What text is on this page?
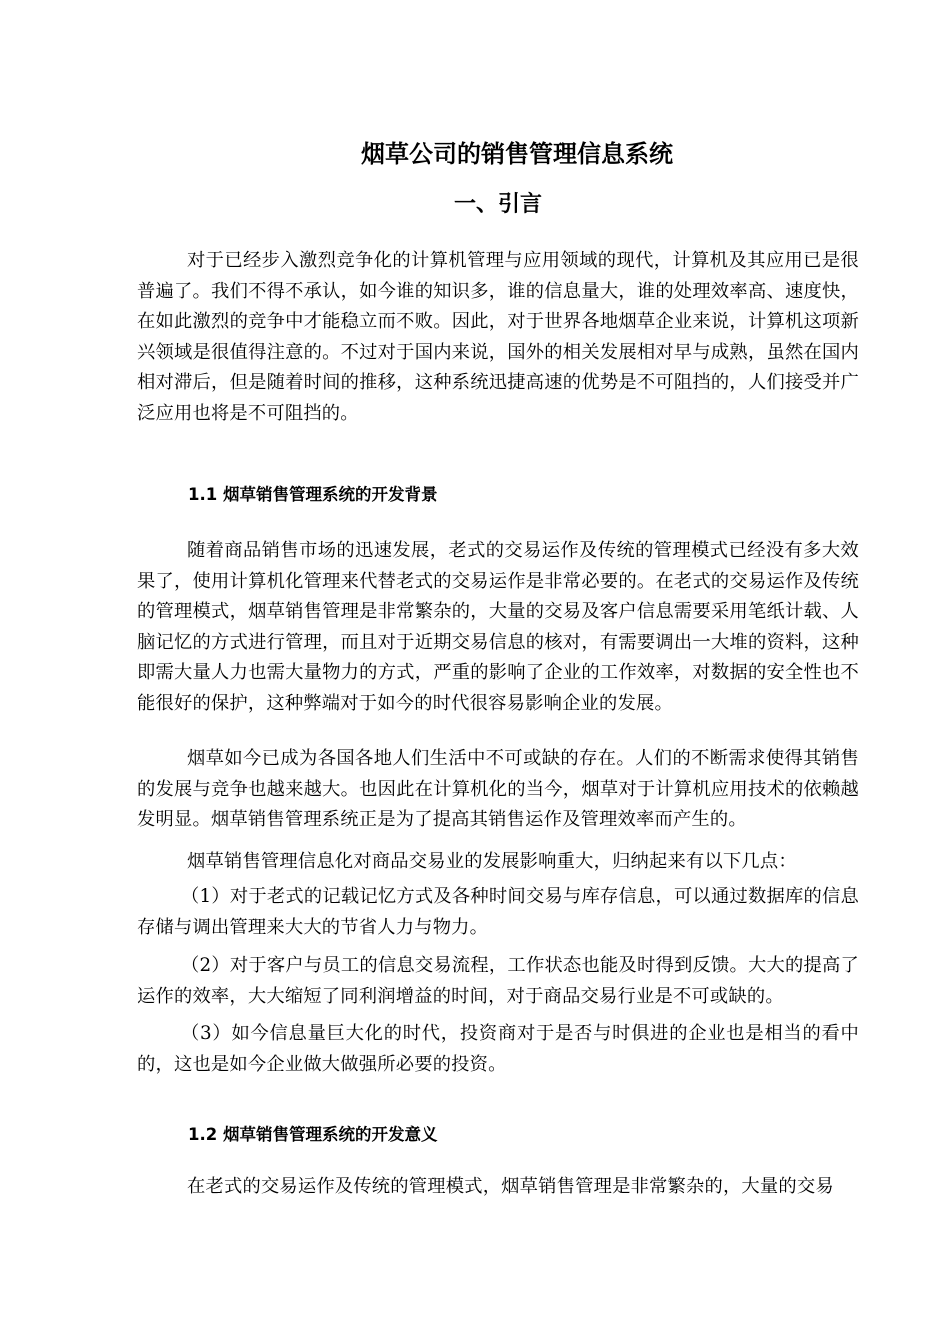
烟草公司的销售管理信息系统
一、引言

对于已经步入激烈竞争化的计算机管理与应用领域的现代，计算机及其应用已是很普遍了。我们不得不承认，如今谁的知识多，谁的信息量大，谁的处理效率高、速度快，在如此激烈的竞争中才能稳立而不败。因此，对于世界各地烟草企业来说，计算机这项新兴领域是很值得注意的。不过对于国内来说，国外的相关发展相对早与成熟，虽然在国内相对滞后，但是随着时间的推移，这种系统迅捷高速的优势是不可阻挡的，人们接受并广泛应用也将是不可阻挡的。

1.1 烟草销售管理系统的开发背景

随着商品销售市场的迅速发展，老式的交易运作及传统的管理模式已经没有多大效果了，使用计算机化管理来代替老式的交易运作是非常必要的。在老式的交易运作及传统的管理模式，烟草销售管理是非常繁杂的，大量的交易及客户信息需要采用笔纸计载、人脑记忆的方式进行管理，而且对于近期交易信息的核对，有需要调出一大堆的资料，这种即需大量人力也需大量物力的方式，严重的影响了企业的工作效率，对数据的安全性也不能很好的保护，这种弊端对于如今的时代很容易影响企业的发展。

烟草如今已成为各国各地人们生活中不可或缺的存在。人们的不断需求使得其销售的发展与竞争也越来越大。也因此在计算机化的当今，烟草对于计算机应用技术的依赖越发明显。烟草销售管理系统正是为了提高其销售运作及管理效率而产生的。

烟草销售管理信息化对商品交易业的发展影响重大，归纳起来有以下几点：

（1）对于老式的记载记忆方式及各种时间交易与库存信息，可以通过数据库的信息存储与调出管理来大大的节省人力与物力。

（2）对于客户与员工的信息交易流程，工作状态也能及时得到反馈。大大的提高了运作的效率，大大缩短了同利润增益的时间，对于商品交易行业是不可或缺的。

（3）如今信息量巨大化的时代，投资商对于是否与时俱进的企业也是相当的看中的，这也是如今企业做大做强所必要的投资。

1.2 烟草销售管理系统的开发意义

在老式的交易运作及传统的管理模式，烟草销售管理是非常繁杂的，大量的交易
